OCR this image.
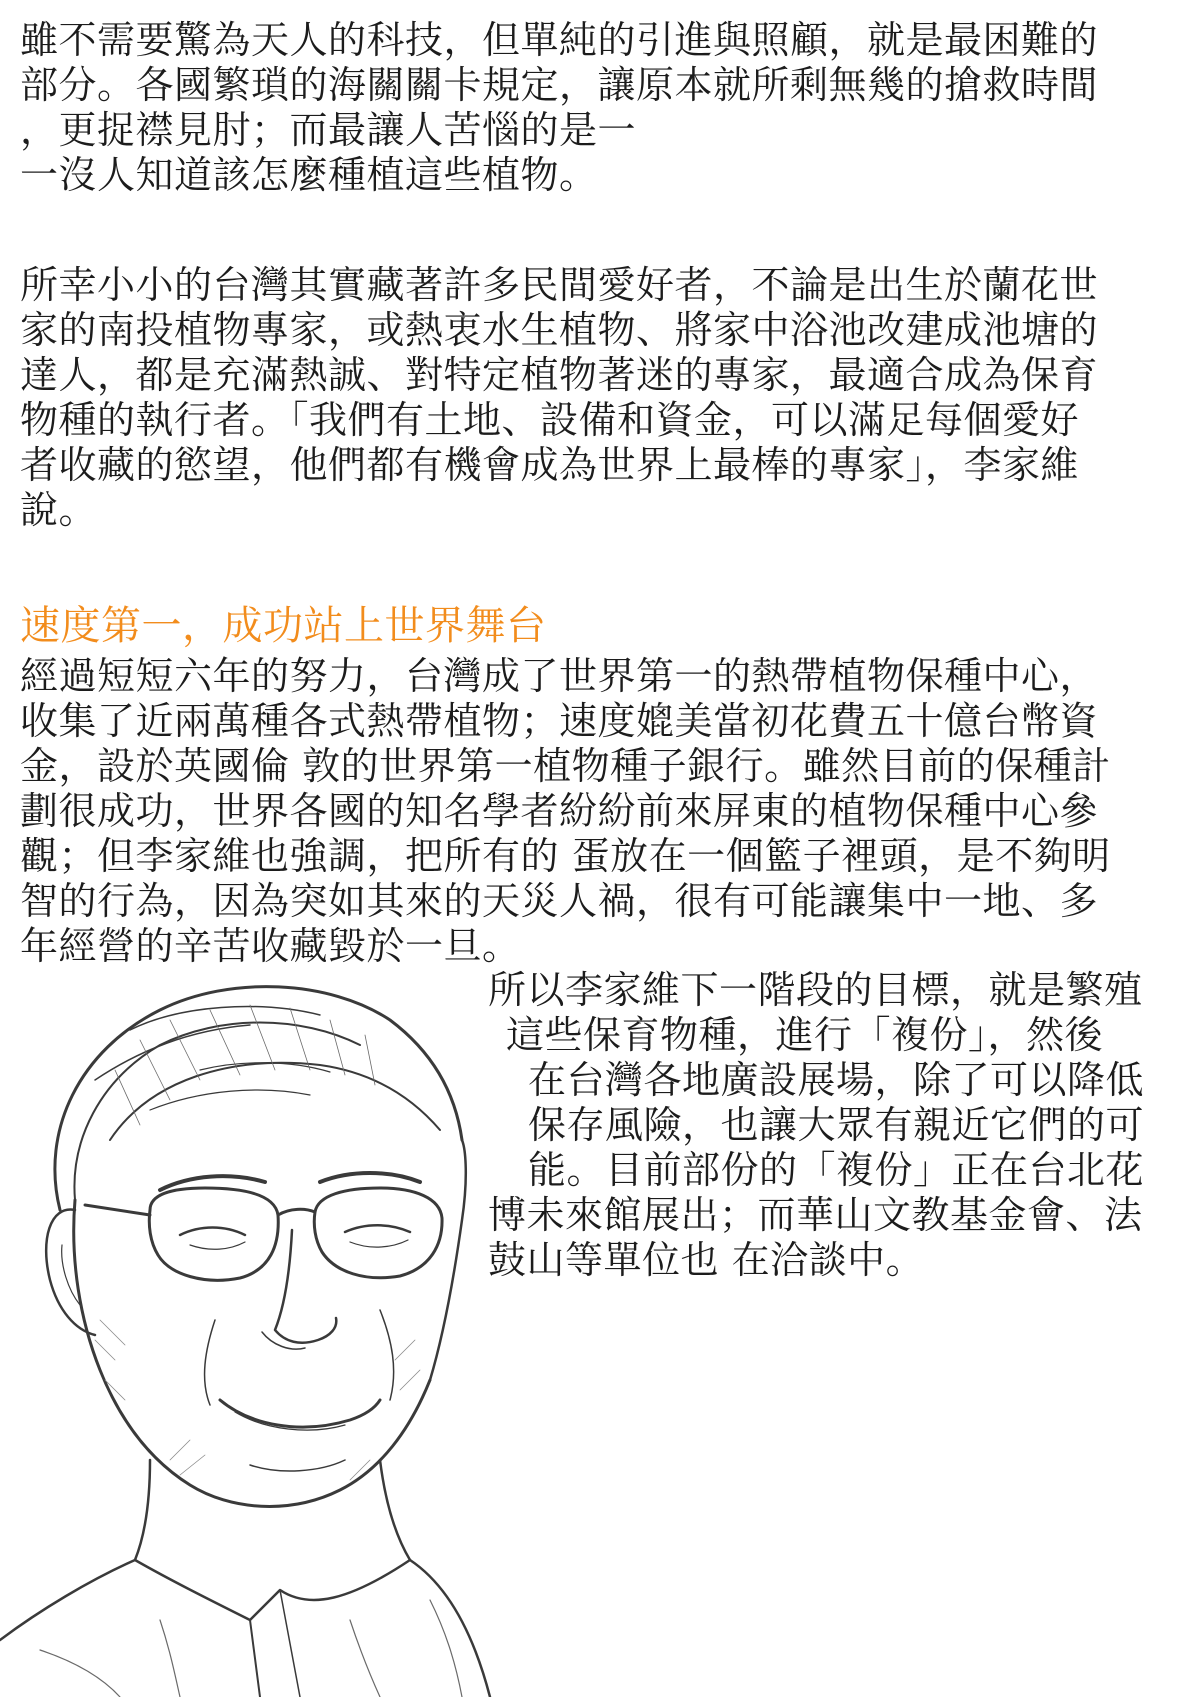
雖不需要驚為天人的科技，但單純的引進與照顧，就是最困難的
部分。各國繁瑣的海關關卡規定，讓原本就所剩無幾的搶救時間
，更捉襟見肘；而最讓人苦惱的是一
一沒人知道該怎麼種植這些植物。
所幸小小的台灣其實藏著許多民間愛好者，不論是出生於蘭花世
家的南投植物專家，或熱衷水生植物、將家中浴池改建成池塘的
達人，都是充滿熱誠、對特定植物著迷的專家，最適合成為保育
物種的執行者。「我們有土地、設備和資金，可以滿足每個愛好
者收藏的慾望，他們都有機會成為世界上最棒的專家」，李家維
說。
速度第一，成功站上世界舞台
經過短短六年的努力，台灣成了世界第一的熱帶植物保種中心，
收集了近兩萬種各式熱帶植物；速度媲美當初花費五十億台幣資
金，設於英國倫 敦的世界第一植物種子銀行。雖然目前的保種計
劃很成功，世界各國的知名學者紛紛前來屏東的植物保種中心參
觀；但李家維也強調，把所有的 蛋放在一個籃子裡頭，是不夠明
智的行為，因為突如其來的天災人禍，很有可能讓集中一地、多
年經營的辛苦收藏毀於一旦。
所以李家維下一階段的目標，就是繁殖
這些保育物種，進行「複份」，然後
在台灣各地廣設展場，除了可以降低
保存風險，也讓大眾有親近它們的可
能。目前部份的「複份」正在台北花
博未來館展出；而華山文教基金會、法
鼓山等單位也 在洽談中。
